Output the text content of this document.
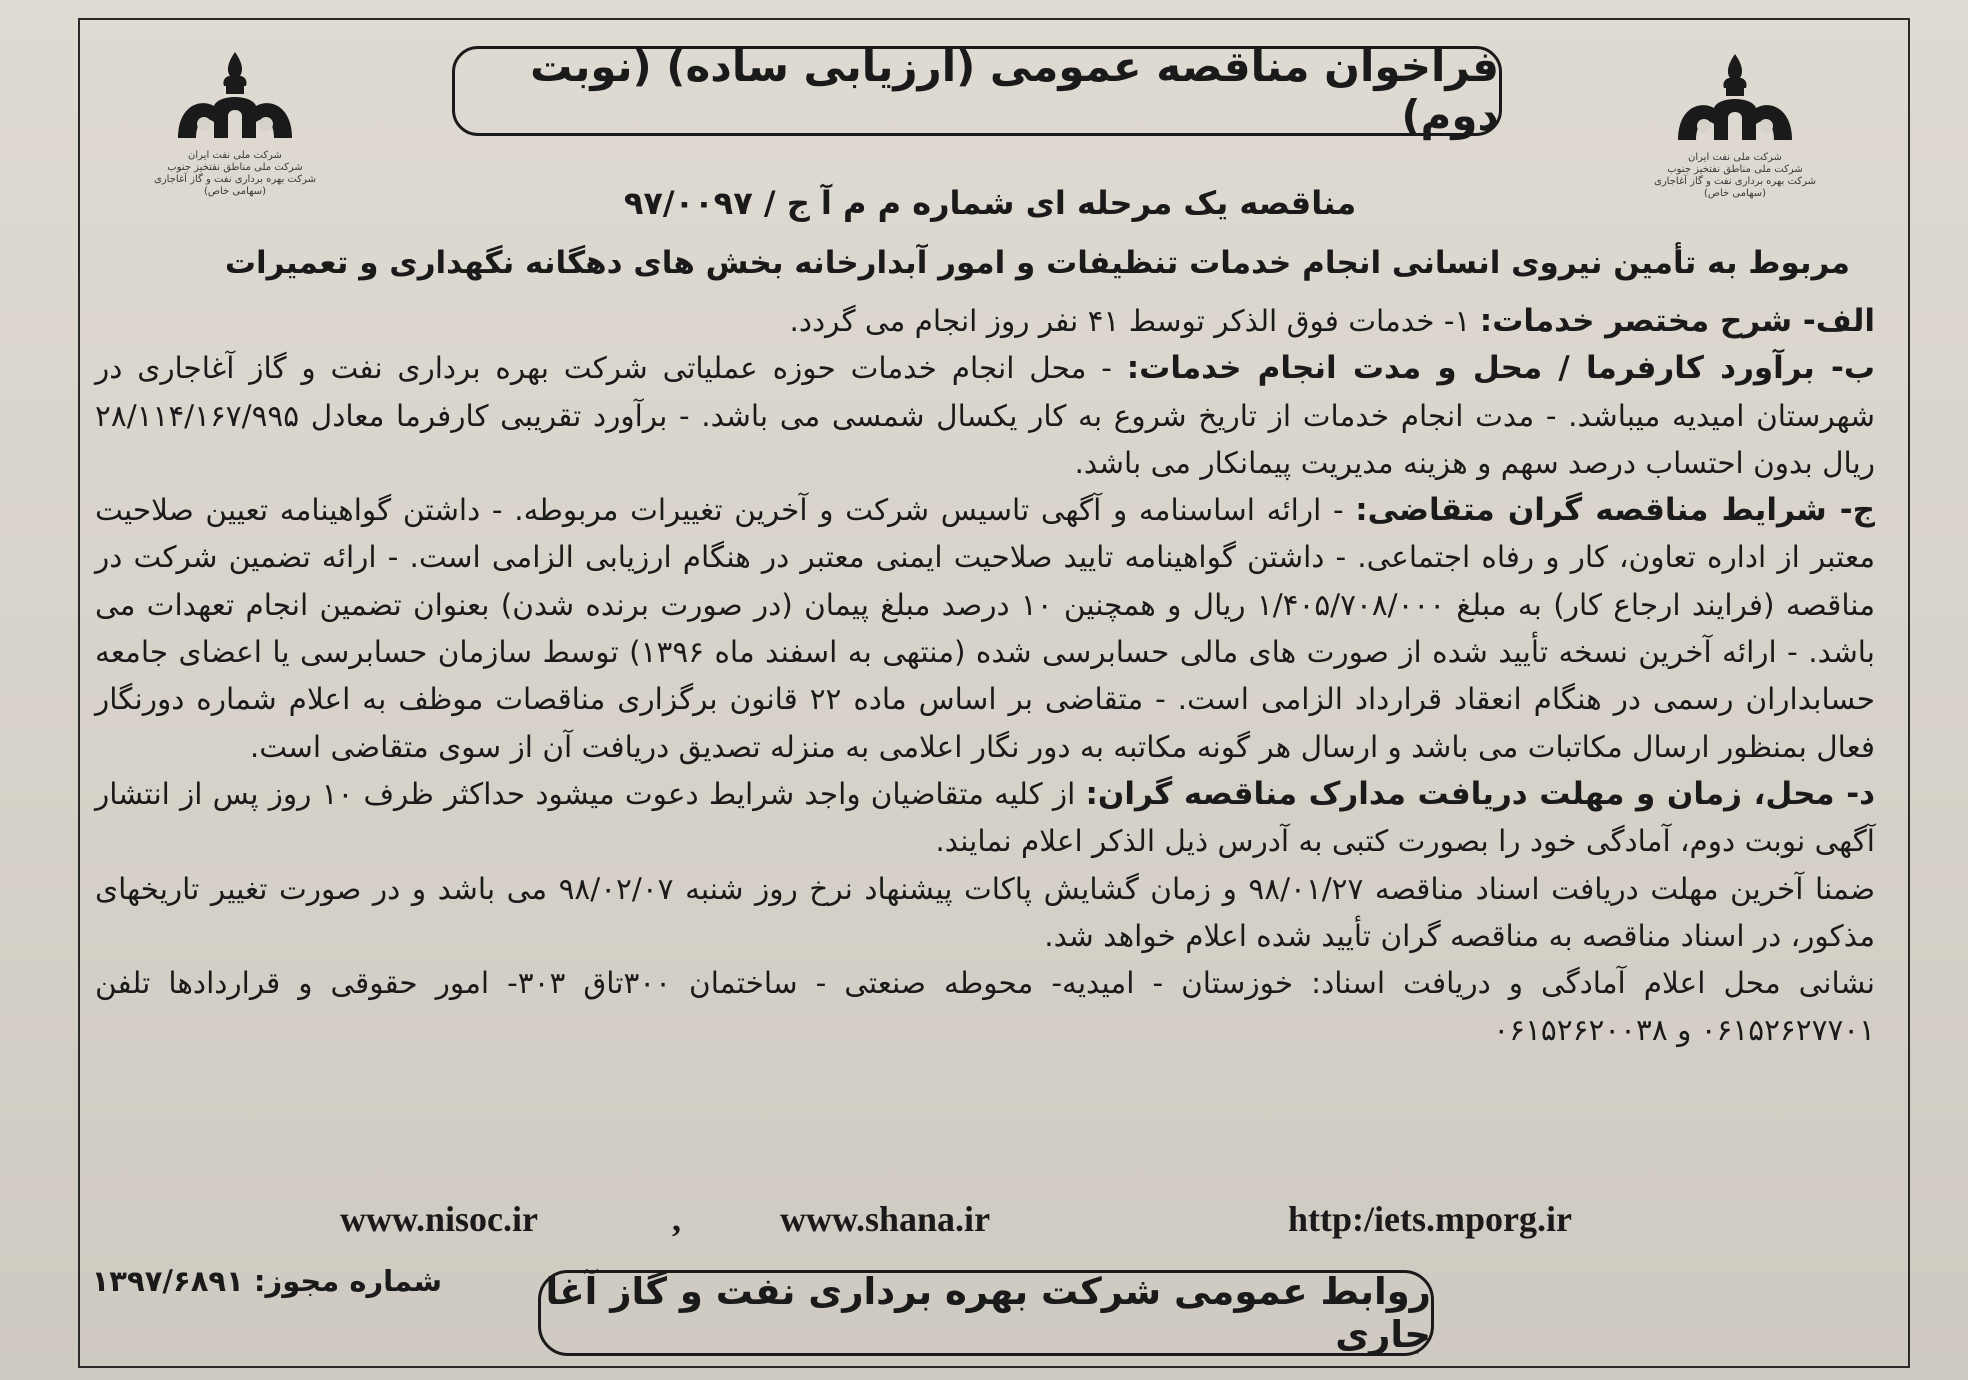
شرکت ملی نفت ایران
شرکت ملی مناطق نفتخیز جنوب
شرکت بهره برداری نفت و گاز آغاجاری (سهامی خاص)
شرکت ملی نفت ایران
شرکت ملی مناطق نفتخیز جنوب
شرکت بهره برداری نفت و گاز آغاجاری (سهامی خاص)
فراخوان مناقصه عمومی (ارزیابی ساده) (نوبت دوم)
مناقصه یک مرحله ای شماره م م آ ج / ۹۷/۰۰۹۷
مربوط به تأمین نیروی انسانی انجام خدمات تنظیفات و امور آبدارخانه بخش های دهگانه نگهداری و تعمیرات

الف- شرح مختصر خدمات: ۱- خدمات فوق الذکر توسط ۴۱ نفر روز انجام می گردد.

ب- برآورد کارفرما / محل و مدت انجام خدمات: - محل انجام خدمات حوزه عملیاتی شرکت بهره برداری نفت و گاز آغاجاری در شهرستان امیدیه میباشد. - مدت انجام خدمات از تاریخ شروع به کار یکسال شمسی می باشد. - برآورد تقریبی کارفرما معادل ۲۸/۱۱۴/۱۶۷/۹۹۵ ریال بدون احتساب درصد سهم و هزینه مدیریت پیمانکار می باشد.

ج- شرایط مناقصه گران متقاضی: - ارائه اساسنامه و آگهی تاسیس شرکت و آخرین تغییرات مربوطه. - داشتن گواهینامه تعیین صلاحیت معتبر از اداره تعاون، کار و رفاه اجتماعی. - داشتن گواهینامه تایید صلاحیت ایمنی معتبر در هنگام ارزیابی الزامی است. - ارائه تضمین شرکت در مناقصه (فرایند ارجاع کار) به مبلغ ۱/۴۰۵/۷۰۸/۰۰۰ ریال و همچنین ۱۰ درصد مبلغ پیمان (در صورت برنده شدن) بعنوان تضمین انجام تعهدات می باشد. - ارائه آخرین نسخه تأیید شده از صورت های مالی حسابرسی شده (منتهی به اسفند ماه ۱۳۹۶) توسط سازمان حسابرسی یا اعضای جامعه حسابداران رسمی در هنگام انعقاد قرارداد الزامی است. - متقاضی بر اساس ماده ۲۲ قانون برگزاری مناقصات موظف به اعلام شماره دورنگار فعال بمنظور ارسال مکاتبات می باشد و ارسال هر گونه مکاتبه به دور نگار اعلامی به منزله تصدیق دریافت آن از سوی متقاضی است.

د- محل، زمان و مهلت دریافت مدارک مناقصه گران: از کلیه متقاضیان واجد شرایط دعوت میشود حداکثر ظرف ۱۰ روز پس از انتشار آگهی نوبت دوم، آمادگی خود را بصورت کتبی به آدرس ذیل الذکر اعلام نمایند.

ضمنا آخرین مهلت دریافت اسناد مناقصه ۹۸/۰۱/۲۷ و زمان گشایش پاکات پیشنهاد نرخ روز شنبه ۹۸/۰۲/۰۷ می باشد و در صورت تغییر تاریخهای مذکور، در اسناد مناقصه به مناقصه گران تأیید شده اعلام خواهد شد.

نشانی محل اعلام آمادگی و دریافت اسناد: خوزستان - امیدیه- محوطه صنعتی - ساختمان ۳۰۰تاق ۳۰۳- امور حقوقی و قراردادها تلفن ۰۶۱۵۲۶۲۷۷۰۱ و ۰۶۱۵۲۶۲۰۰۳۸

www.nisoc.ir	,	www.shana.ir	http:/iets.mporg.ir
شماره مجوز: ۱۳۹۷/۶۸۹۱	روابط عمومی شرکت بهره برداری نفت و گاز آغا جاری
